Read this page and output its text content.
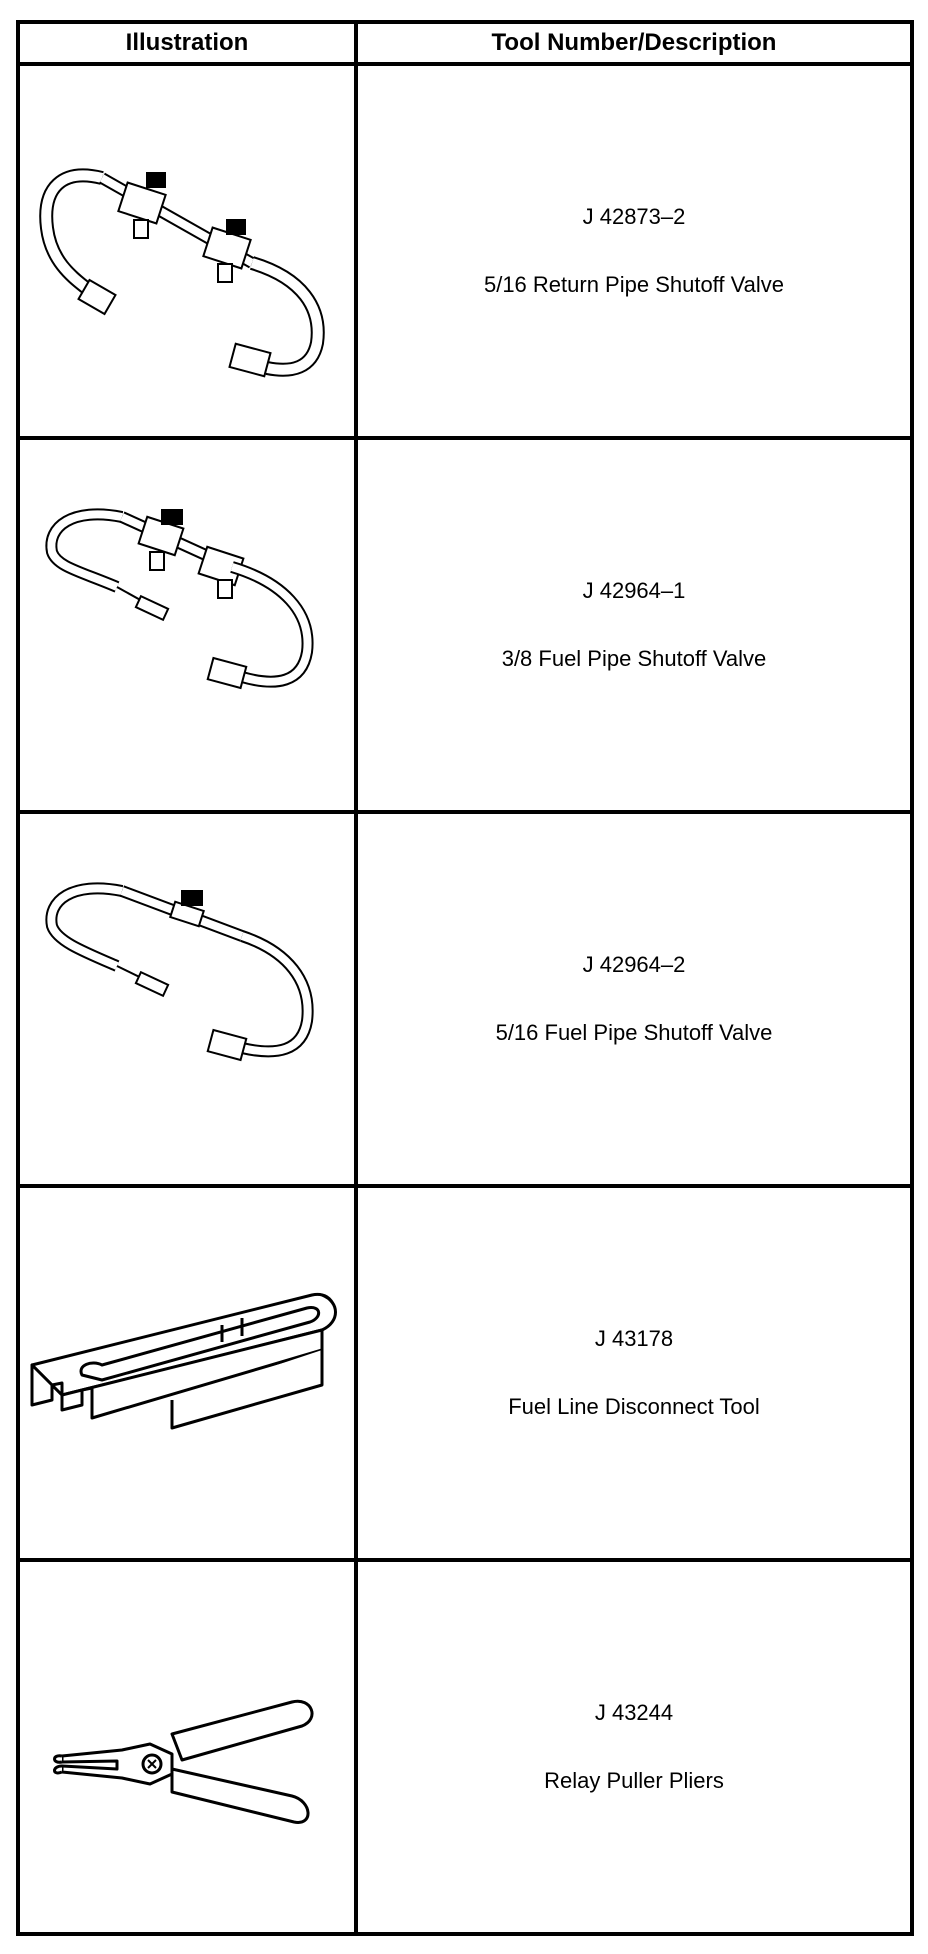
Illustration	Tool Number/Description

J 42873–2
5/16 Return Pipe Shutoff Valve

J 42964–1
3/8 Fuel Pipe Shutoff Valve

J 42964–2
5/16 Fuel Pipe Shutoff Valve

J 43178
Fuel Line Disconnect Tool

J 43244
Relay Puller Pliers
